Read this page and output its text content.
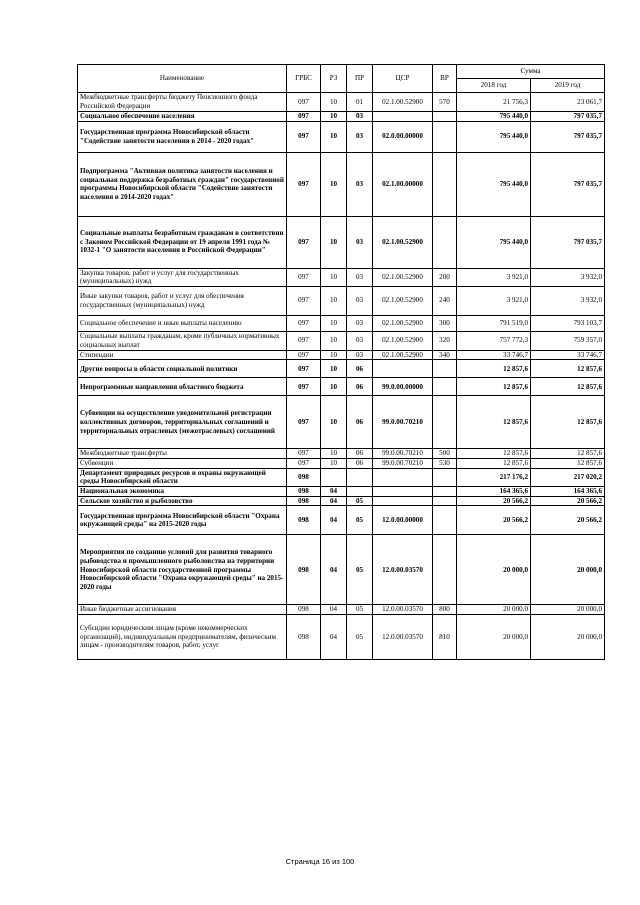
Наименование	ГРБС	РЗ	ПР	ЦСР	ВР	Сумма	
						2018 год	2019 год
Межбюджетные трансферты бюджету Пенсионного фонда Российской Федерации	097	10	01	02.1.00.52900	570	21 756,3	23 061,7
Социальное обеспечение населения	097	10	03			795 440,0	797 035,7
Государственная программа Новосибирской области "Содействие занятости населения в 2014 - 2020 годах"	097	10	03	02.0.00.00000		795 440,0	797 035,7
Подпрограмма "Активная политика занятости населения и социальная поддержка безработных граждан" государственной программы Новосибирской области "Содействие занятости населения в 2014-2020 годах"	097	10	03	02.1.00.00000		795 440,0	797 035,7
Социальные выплаты безработным гражданам в соответствии с Законом Российской Федерации от 19 апреля 1991 года № 1032-1 "О занятости населения в Российской Федерации"	097	10	03	02.1.00.52900		795 440,0	797 035,7
Закупка товаров, работ и услуг для государственных (муниципальных) нужд	097	10	03	02.1.00.52900	200	3 921,0	3 932,0
Иные закупки товаров, работ и услуг для обеспечения государственных (муниципальных) нужд	097	10	03	02.1.00.52900	240	3 921,0	3 932,0
Социальное обеспечение и иные выплаты населению	097	10	03	02.1.00.52900	300	791 519,0	793 103,7
Социальные выплаты гражданам, кроме публичных нормативных социальных выплат	097	10	03	02.1.00.52900	320	757 772,3	759 357,0
Стипендии	097	10	03	02.1.00.52900	340	33 746,7	33 746,7
Другие вопросы в области социальной политики	097	10	06			12 857,6	12 857,6
Непрограммные направления областного бюджета	097	10	06	99.0.00.00000		12 857,6	12 857,6
Субвенции на осуществление уведомительной регистрации коллективных договоров, территориальных соглашений и территориальных отраслевых (межотраслевых) соглашений	097	10	06	99.0.00.70210		12 857,6	12 857,6
Межбюджетные трансферты	097	10	06	99.0.00.70210	500	12 857,6	12 857,6
Субвенции	097	10	06	99.0.00.70210	530	12 857,6	12 857,6
Департамент природных ресурсов и охраны окружающей среды Новосибирской области	098					217 176,2	217 020,2
Национальная экономика	098	04				164 365,6	164 365,6
Сельское хозяйство и рыболовство	098	04	05			20 566,2	20 566,2
Государственная программа Новосибирской области "Охрана окружающей среды" на 2015-2020 годы	098	04	05	12.0.00.00000		20 566,2	20 566,2
Мероприятия по созданию условий для развития товарного рыбоводства и промышленного рыболовства на территории Новосибирской области государственной программы Новосибирской области "Охрана окружающей среды" на 2015-2020 годы	098	04	05	12.0.00.03570		20 000,0	20 000,0
Иные бюджетные ассигнования	098	04	05	12.0.00.03570	800	20 000,0	20 000,0
Субсидии юридическим лицам (кроме некоммерческих организаций), индивидуальным предпринимателям, физическим лицам - производителям товаров, работ, услуг	098	04	05	12.0.00.03570	810	20 000,0	20 000,0
Страница 16 из 100
